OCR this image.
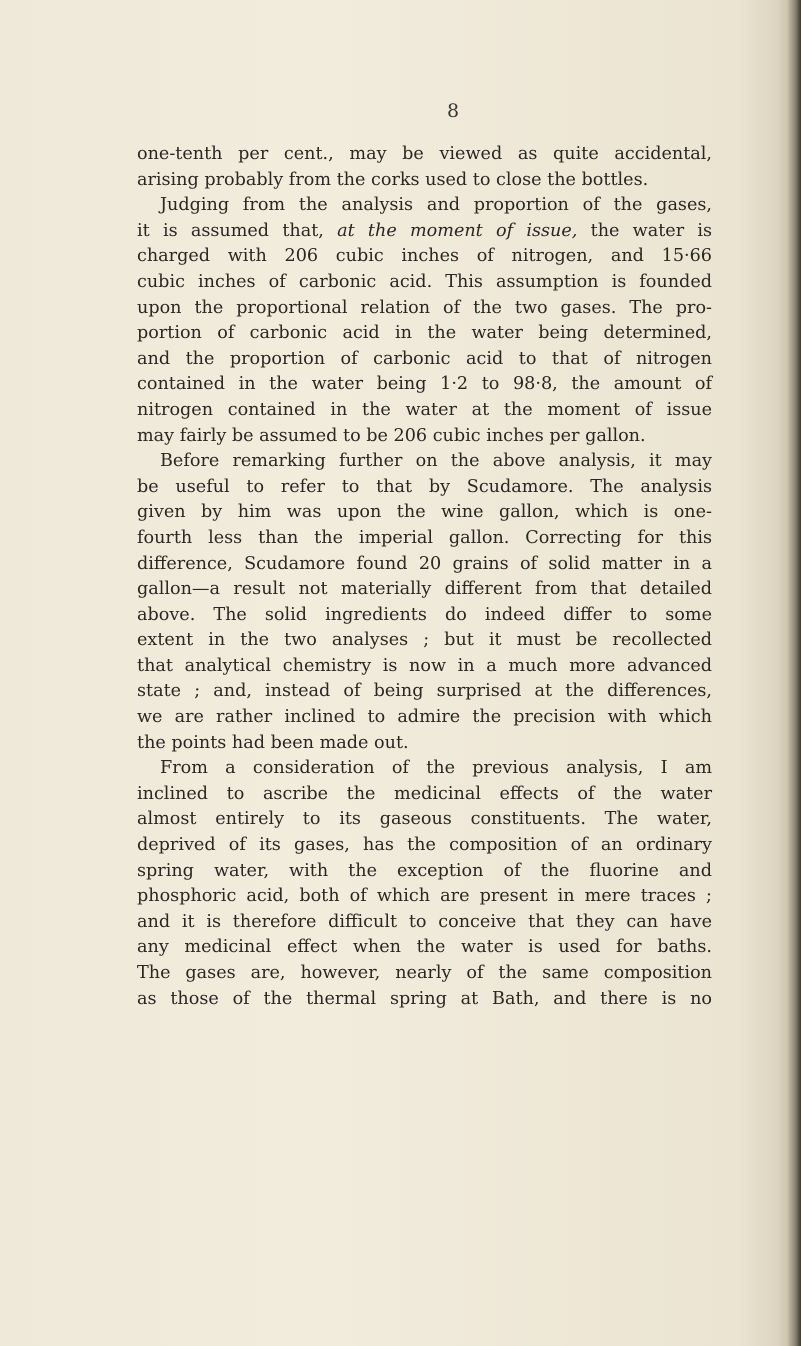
8
one-tenth per cent., may be viewed as quite accidental,
arising probably from the corks used to close the bottles.
Judging from the analysis and proportion of the gases,
it is assumed that, at the moment of issue, the water is
charged with 206 cubic inches of nitrogen, and 15·66
cubic inches of carbonic acid. This assumption is founded
upon the proportional relation of the two gases. The pro-
portion of carbonic acid in the water being determined,
and the proportion of carbonic acid to that of nitrogen
contained in the water being 1·2 to 98·8, the amount of
nitrogen contained in the water at the moment of issue
may fairly be assumed to be 206 cubic inches per gallon.
Before remarking further on the above analysis, it may
be useful to refer to that by Scudamore. The analysis
given by him was upon the wine gallon, which is one-
fourth less than the imperial gallon. Correcting for this
difference, Scudamore found 20 grains of solid matter in a
gallon—a result not materially different from that detailed
above. The solid ingredients do indeed differ to some
extent in the two analyses ; but it must be recollected
that analytical chemistry is now in a much more advanced
state ; and, instead of being surprised at the differences,
we are rather inclined to admire the precision with which
the points had been made out.
From a consideration of the previous analysis, I am
inclined to ascribe the medicinal effects of the water
almost entirely to its gaseous constituents. The water,
deprived of its gases, has the composition of an ordinary
spring water, with the exception of the fluorine and
phosphoric acid, both of which are present in mere traces ;
and it is therefore difficult to conceive that they can have
any medicinal effect when the water is used for baths.
The gases are, however, nearly of the same composition
as those of the thermal spring at Bath, and there is no
